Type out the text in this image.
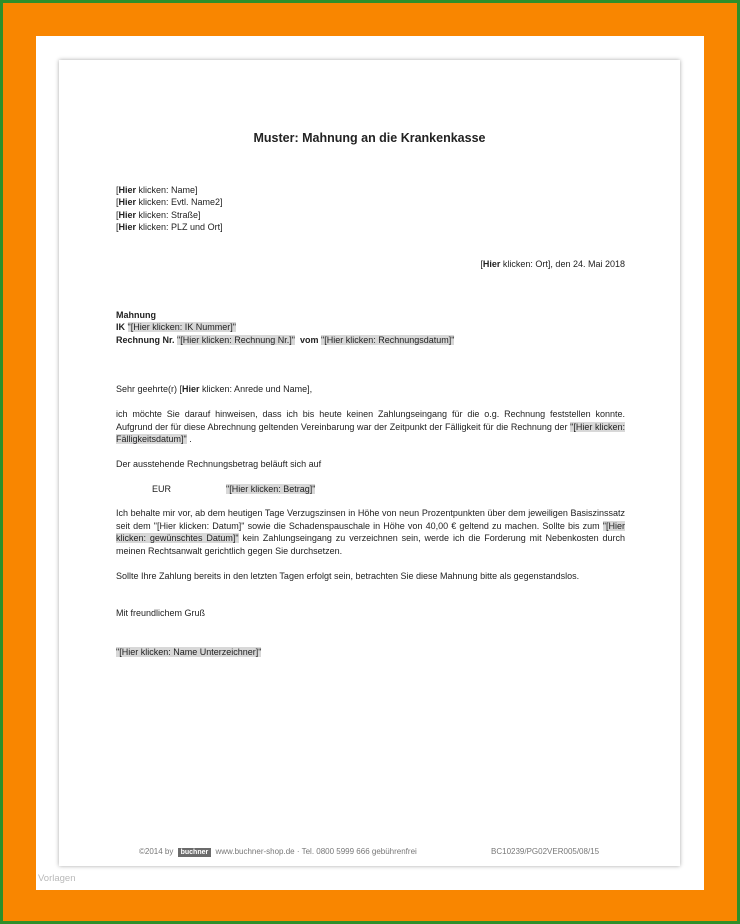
Muster: Mahnung an die Krankenkasse
[Hier klicken: Name]
[Hier klicken: Evtl. Name2]
[Hier klicken: Straße]
[Hier klicken: PLZ und Ort]
[Hier klicken: Ort], den 24. Mai 2018
Mahnung
IK "[Hier klicken: IK Nummer]"
Rechnung Nr. "[Hier klicken: Rechnung Nr.]" vom "[Hier klicken: Rechnungsdatum]"
Sehr geehrte(r) [Hier klicken: Anrede und Name],
ich möchte Sie darauf hinweisen, dass ich bis heute keinen Zahlungseingang für die o.g. Rechnung feststellen konnte. Aufgrund der für diese Abrechnung geltenden Vereinbarung war der Zeitpunkt der Fälligkeit für die Rechnung der "[Hier klicken: Fälligkeitsdatum]" .
Der ausstehende Rechnungsbetrag beläuft sich auf
EUR	"[Hier klicken: Betrag]"
Ich behalte mir vor, ab dem heutigen Tage Verzugszinsen in Höhe von neun Prozentpunkten über dem jeweiligen Basiszinssatz seit dem "[Hier klicken: Datum]" sowie die Schadenspauschale in Höhe von 40,00 € geltend zu machen. Sollte bis zum "[Hier klicken: gewünschtes Datum]" kein Zahlungseingang zu verzeichnen sein, werde ich die Forderung mit Nebenkosten durch meinen Rechtsanwalt gerichtlich gegen Sie durchsetzen.
Sollte Ihre Zahlung bereits in den letzten Tagen erfolgt sein, betrachten Sie diese Mahnung bitte als gegenstandslos.
Mit freundlichem Gruß
"[Hier klicken: Name Unterzeichner]"
©2014 by buchner www.buchner-shop.de · Tel. 0800 5999 666 gebührenfrei	BC10239/PG02VER005/08/15
Vorlagen
